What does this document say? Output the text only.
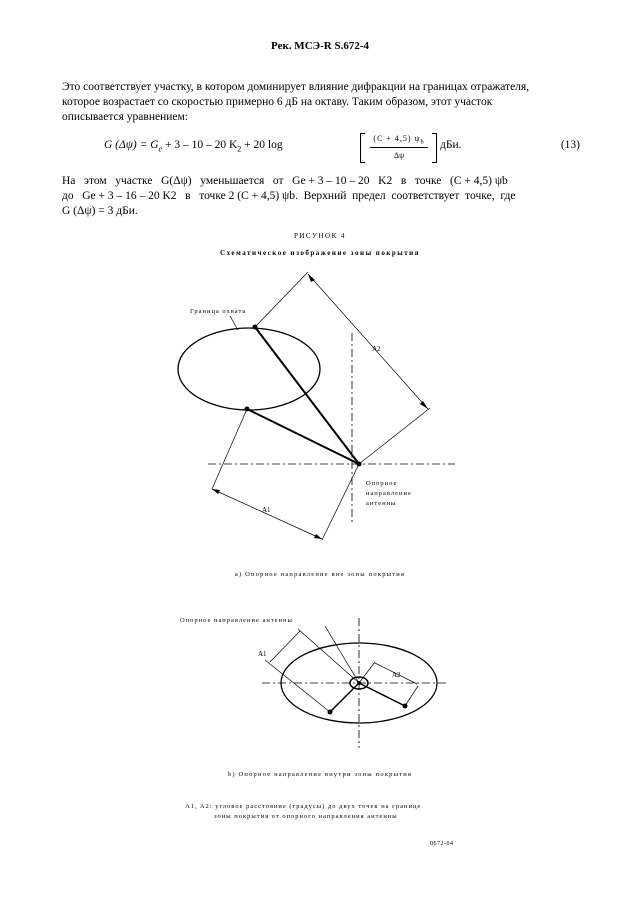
Рек. МСЭ-R S.672-4
Это соответствует участку, в котором доминирует влияние дифракции на границах отражателя,
которое возрастает со скоростью примерно 6 дБ на октаву. Таким образом, этот участок
описывается уравнением:
G $(\Delta\psi) = G_e + 3 - 10 - 20$ $K_2 + 20$ log
(C + 4,5) $\psi_b$
Δψ
дБи.	(13)
На   этом   участке   G(Δψ)   уменьшается   от   Ge + 3 – 10 – 20   K2   в   точке   (C + 4,5) ψb
до   Ge + 3 – 16 – 20 K2   в   точке 2 (C + 4,5) ψb.  Верхний  предел  соответствует  точке,  где
G (Δψ) = 3 дБи.
РИСУНОК 4
Схематическое изображение зоны покрытия
Граница охвата
A2
A1
Опорное
направление
антенны
a) Опорное направление вне зоны покрытия
Опорное направление антенны
A1
A2
b) Опорное направление внутри зоны покрытия
A1, A2: угловое расстояние (градусы) до двух точек на границе
зоны покрытия от опорного направления антенны
0672-04
